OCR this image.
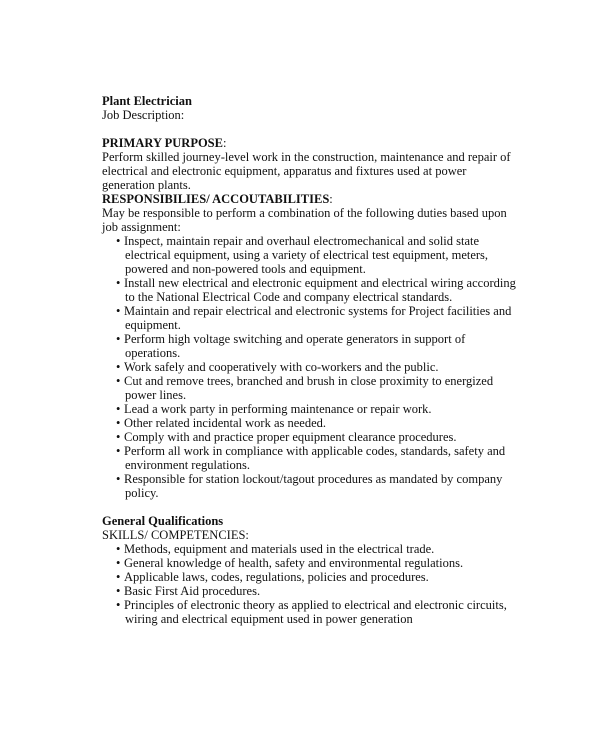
Plant Electrician
Job Description:
PRIMARY PURPOSE:
Perform skilled journey-level work in the construction, maintenance and repair of
electrical and electronic equipment, apparatus and fixtures used at power
generation plants.
RESPONSIBILIES/ ACCOUTABILITIES:
May be responsible to perform a combination of the following duties based upon
job assignment:
• Inspect, maintain repair and overhaul electromechanical and solid state
electrical equipment, using a variety of electrical test equipment, meters,
powered and non-powered tools and equipment.
• Install new electrical and electronic equipment and electrical wiring according
to the National Electrical Code and company electrical standards.
• Maintain and repair electrical and electronic systems for Project facilities and
equipment.
• Perform high voltage switching and operate generators in support of
operations.
• Work safely and cooperatively with co-workers and the public.
• Cut and remove trees, branched and brush in close proximity to energized
power lines.
• Lead a work party in performing maintenance or repair work.
• Other related incidental work as needed.
• Comply with and practice proper equipment clearance procedures.
• Perform all work in compliance with applicable codes, standards, safety and
environment regulations.
• Responsible for station lockout/tagout procedures as mandated by company
policy.
General Qualifications
SKILLS/ COMPETENCIES:
• Methods, equipment and materials used in the electrical trade.
• General knowledge of health, safety and environmental regulations.
• Applicable laws, codes, regulations, policies and procedures.
• Basic First Aid procedures.
• Principles of electronic theory as applied to electrical and electronic circuits,
wiring and electrical equipment used in power generation
